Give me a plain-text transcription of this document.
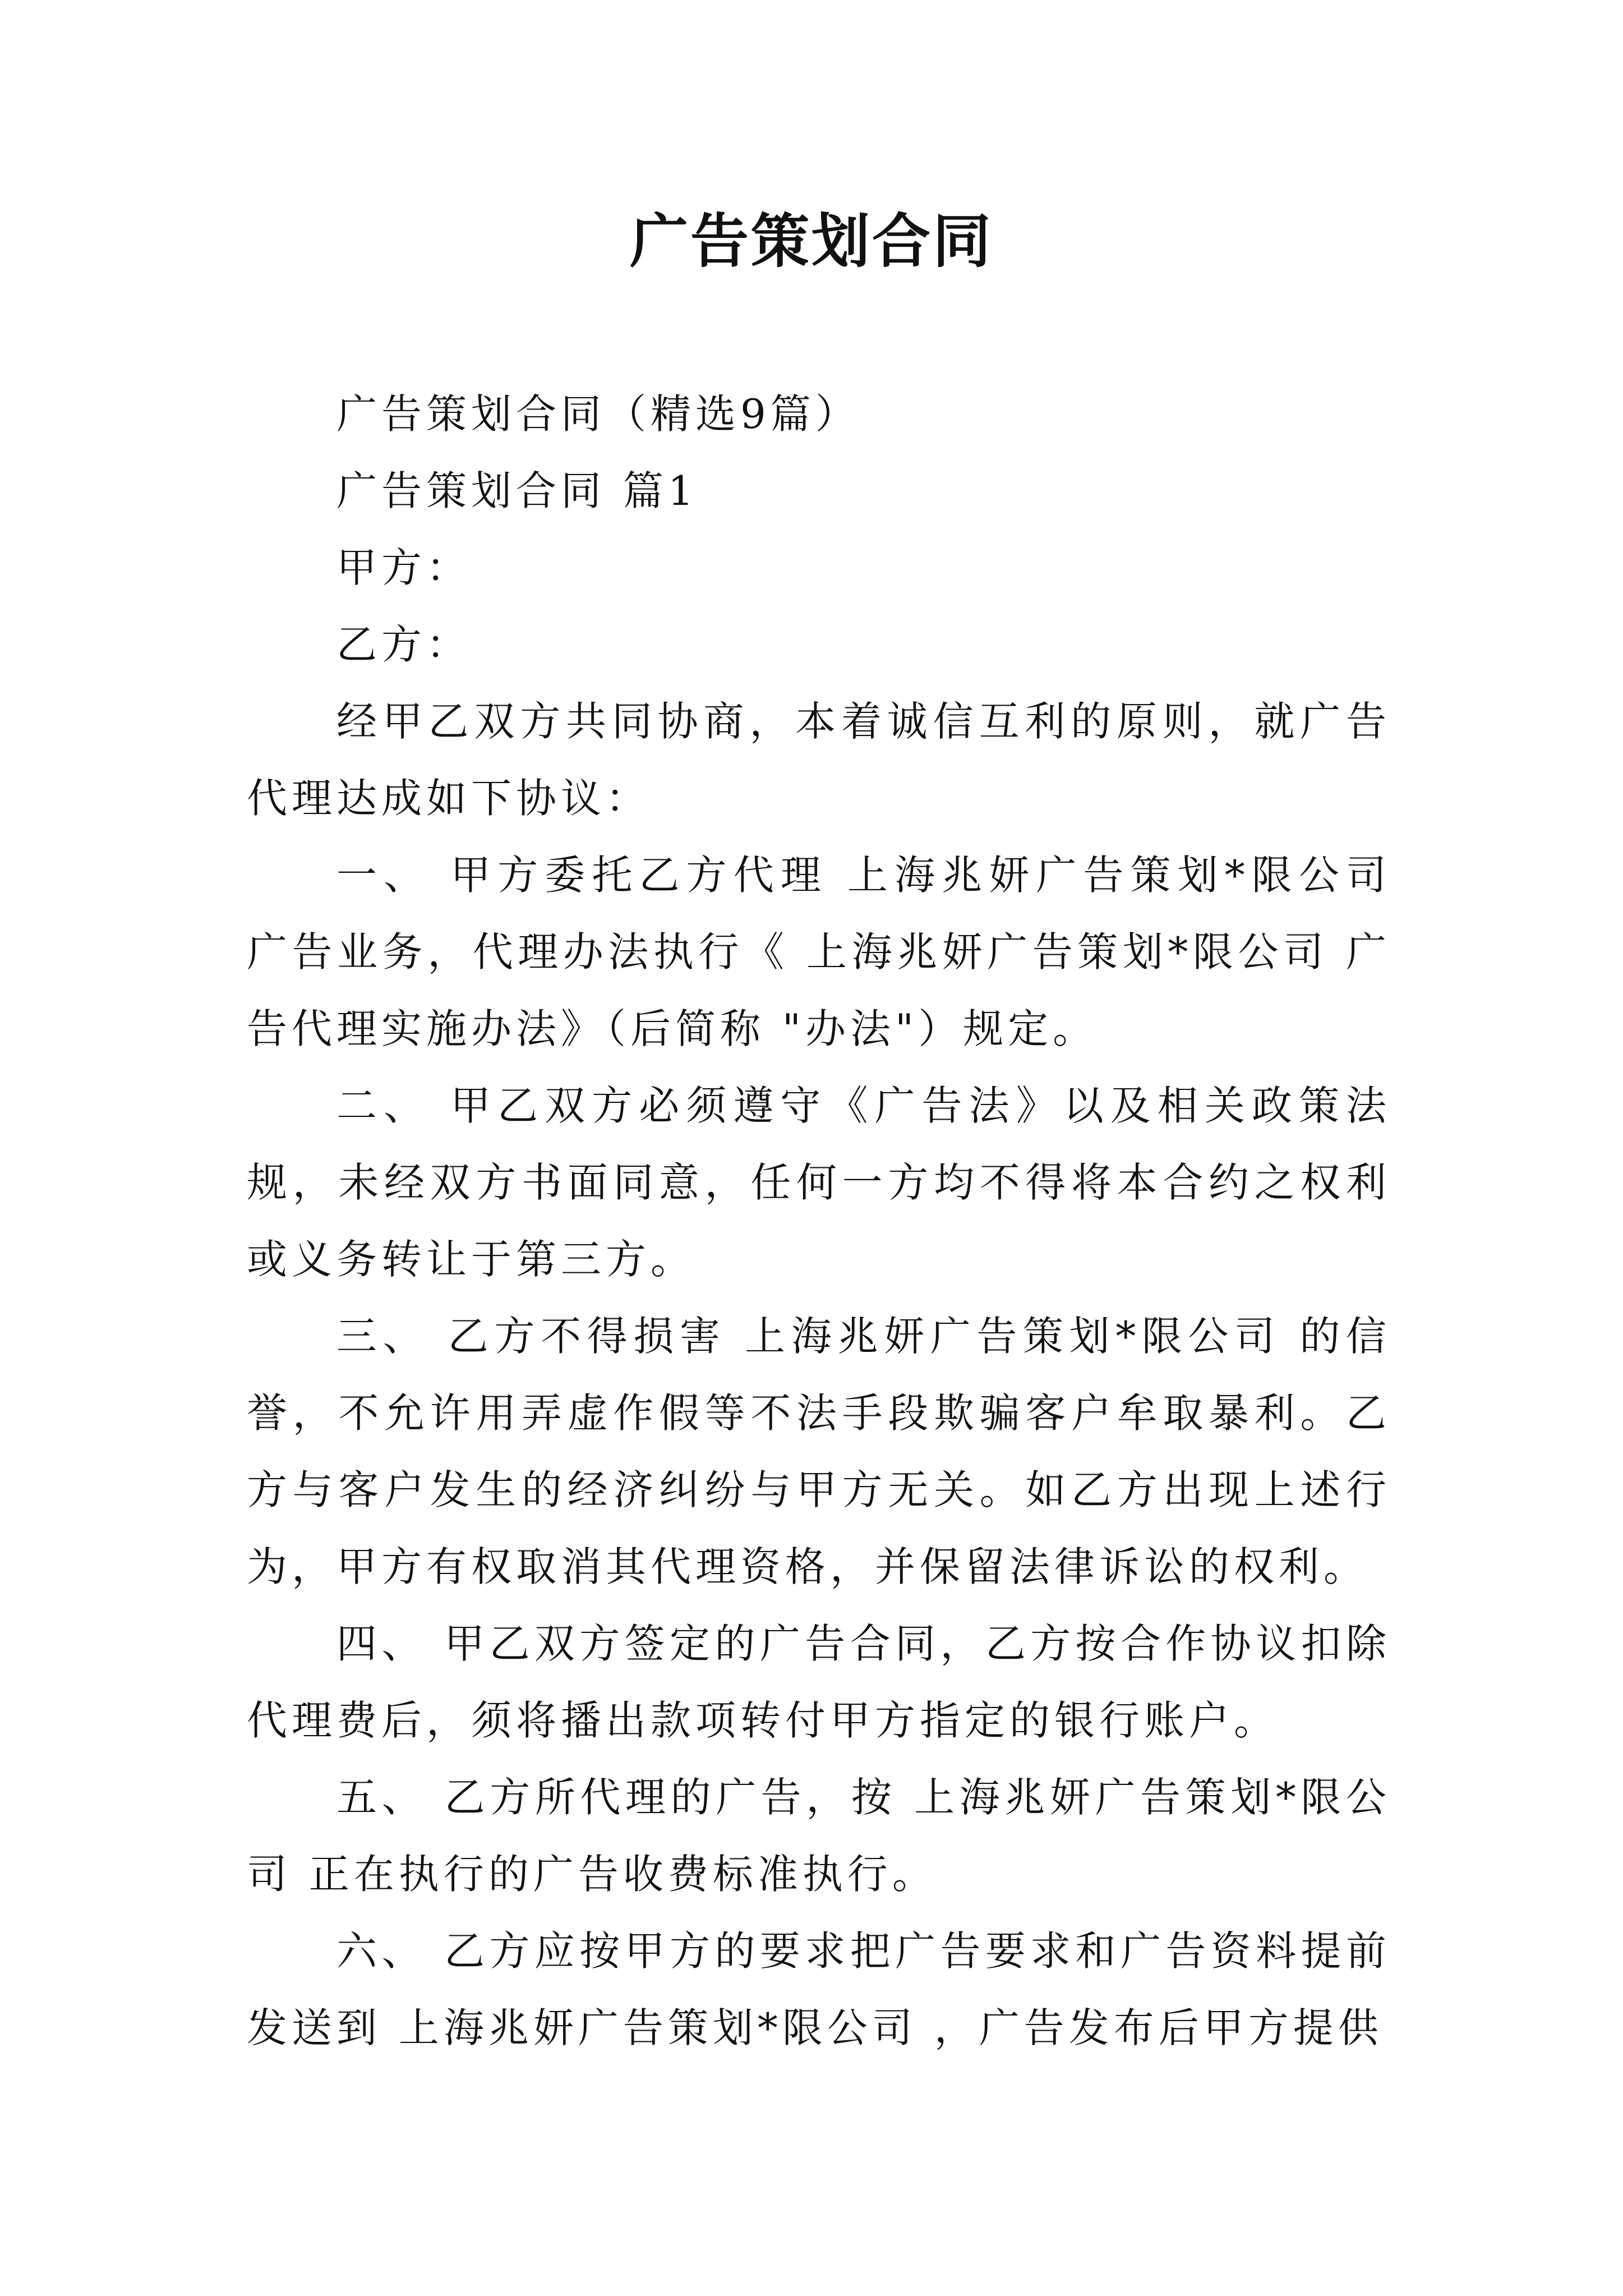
广告策划合同

广告策划合同（精选9篇）

广告策划合同 篇1

甲方：

乙方：

经甲乙双方共同协商，本着诚信互利的原则，就广告代理达成如下协议：

一、 甲方委托乙方代理 上海兆妍广告策划*限公司 广告业务，代理办法执行《 上海兆妍广告策划*限公司 广告代理实施办法》（后简称 "办法"）规定。

二、 甲乙双方必须遵守《广告法》以及相关政策法规，未经双方书面同意，任何一方均不得将本合约之权利或义务转让于第三方。

三、 乙方不得损害 上海兆妍广告策划*限公司 的信誉，不允许用弄虚作假等不法手段欺骗客户牟取暴利。乙方与客户发生的经济纠纷与甲方无关。如乙方出现上述行为，甲方有权取消其代理资格，并保留法律诉讼的权利。

四、 甲乙双方签定的广告合同，乙方按合作协议扣除代理费后，须将播出款项转付甲方指定的银行账户。

五、 乙方所代理的广告，按 上海兆妍广告策划*限公司 正在执行的广告收费标准执行。

六、 乙方应按甲方的要求把广告要求和广告资料提前发送到 上海兆妍广告策划*限公司 ，广告发布后甲方提供
